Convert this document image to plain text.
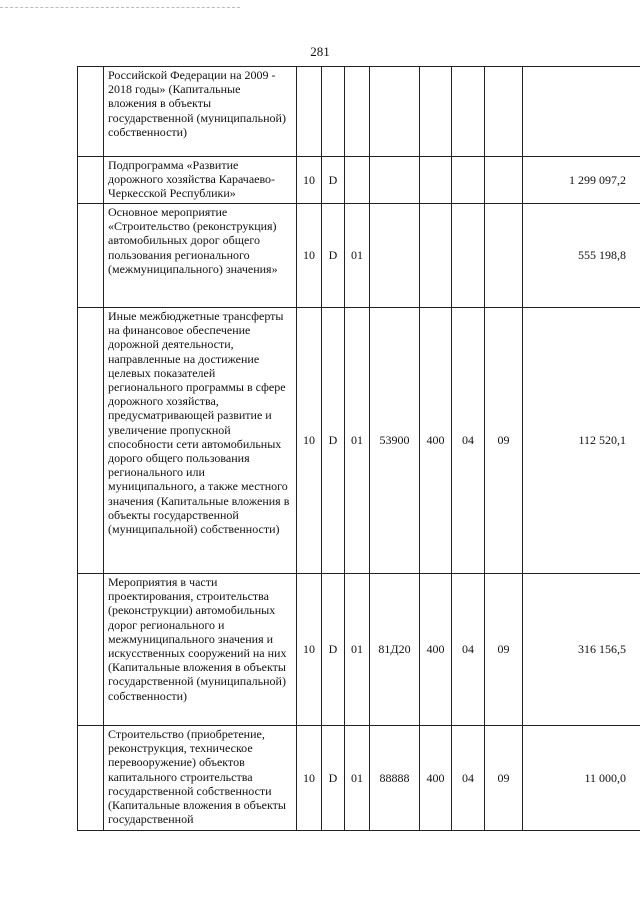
281
	Российской Федерации на 2009 - 2018 годы» (Капитальные вложения в объекты государственной (муниципальной) собственности)								
	Подпрограмма «Развитие дорожного хозяйства Карачаево-Черкесской Республики»	10	D						1 299 097,2
	Основное мероприятие «Строительство (реконструкция) автомобильных дорог общего пользования регионального (межмуниципального) значения»	10	D	01					555 198,8
	Иные межбюджетные трансферты на финансовое обеспечение дорожной деятельности, направленные на достижение целевых показателей регионального программы в сфере дорожного хозяйства, предусматривающей развитие и увеличение пропускной способности сети автомобильных дорого общего пользования регионального или муниципального, а также местного значения (Капитальные вложения в объекты государственной (муниципальной) собственности)	10	D	01	53900	400	04	09	112 520,1
	Мероприятия в части проектирования, строительства (реконструкции) автомобильных дорог регионального и межмуниципального значения и искусственных сооружений на них (Капитальные вложения в объекты государственной (муниципальной) собственности)	10	D	01	81Д20	400	04	09	316 156,5
	Строительство (приобретение, реконструкция, техническое перевооружение) объектов капитального строительства государственной собственности (Капитальные вложения в объекты государственной	10	D	01	88888	400	04	09	11 000,0
